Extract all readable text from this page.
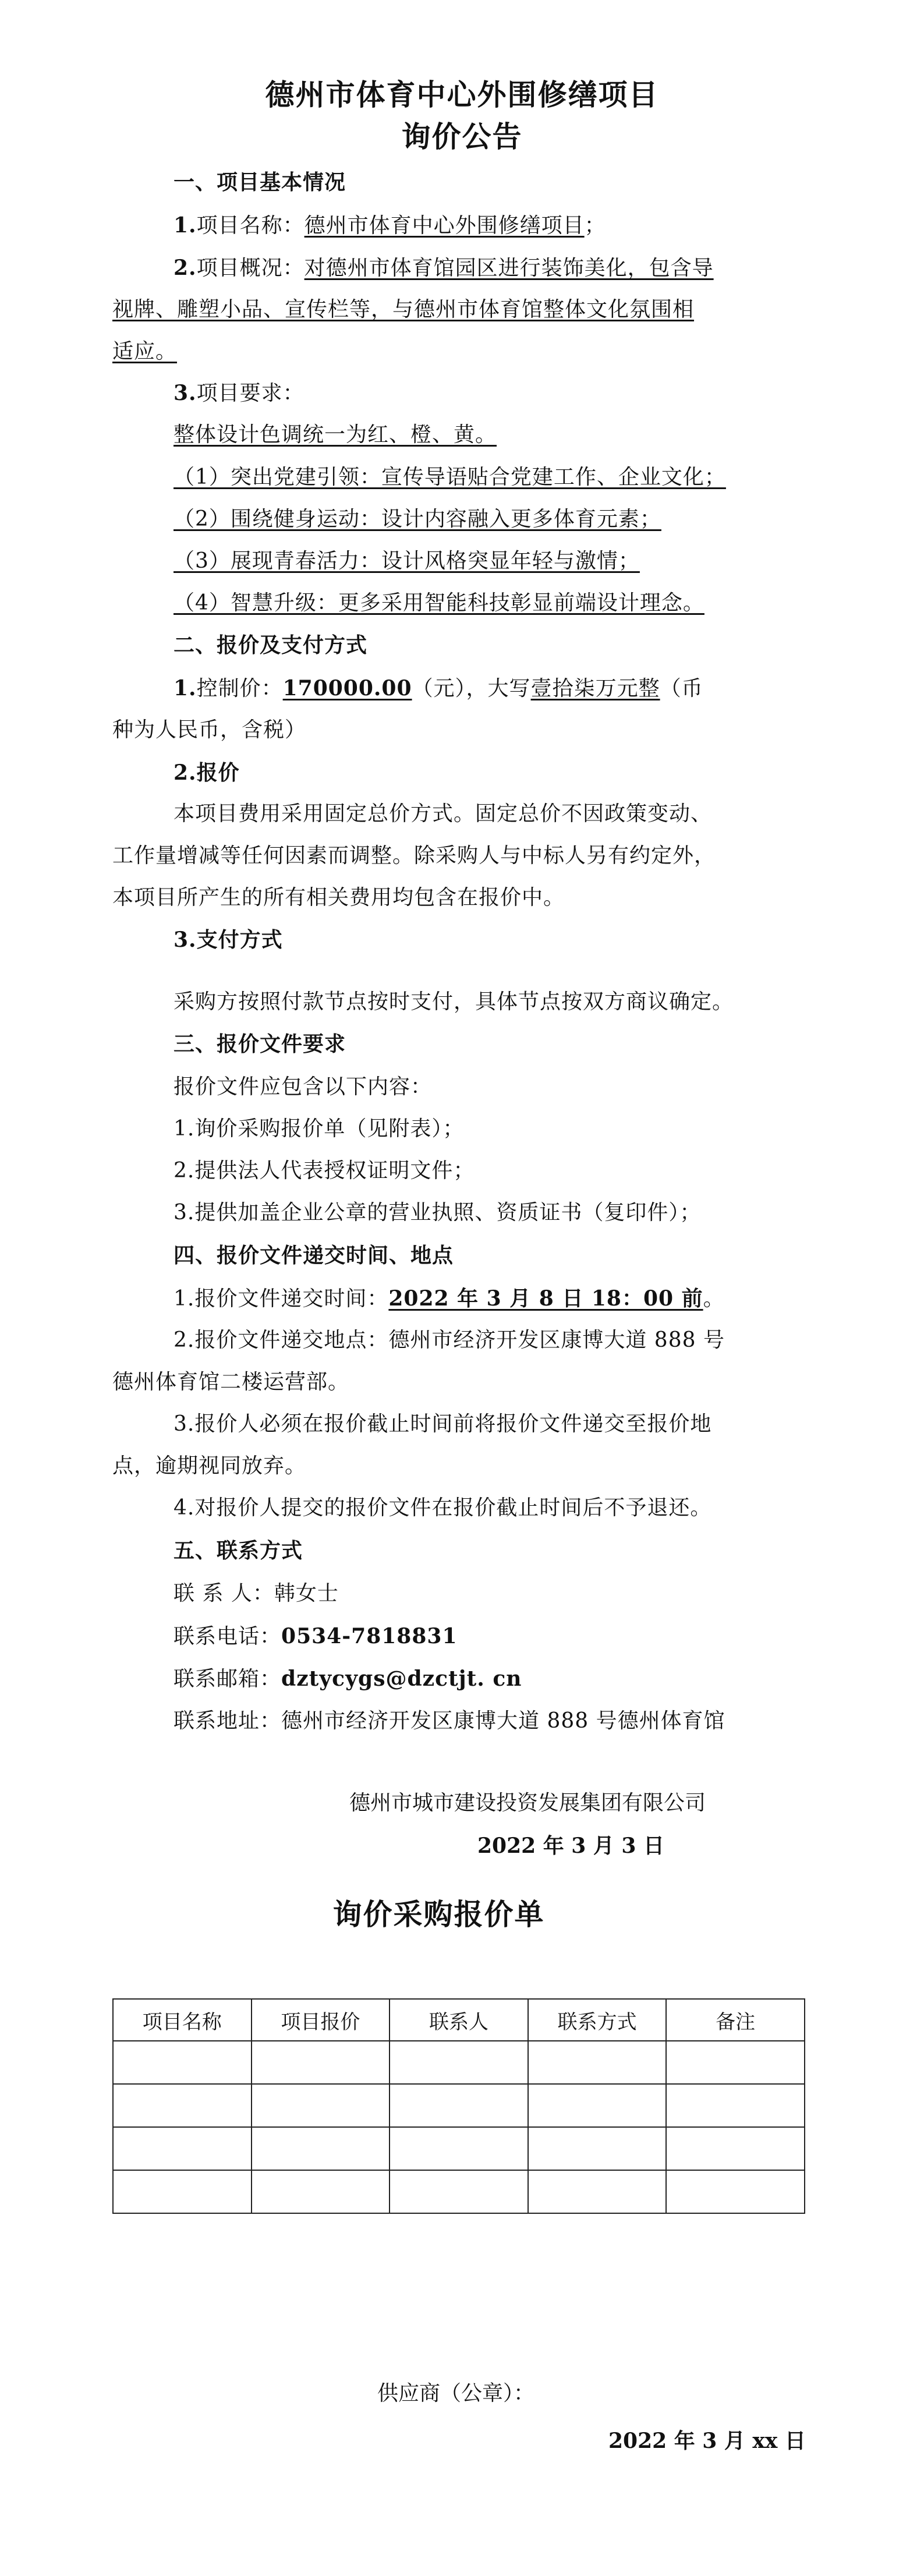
德州市体育中心外围修缮项目
询价公告
一、项目基本情况
1.项目名称：德州市体育中心外围修缮项目；
2.项目概况：对德州市体育馆园区进行装饰美化，包含导
视牌、雕塑小品、宣传栏等，与德州市体育馆整体文化氛围相
适应。
3.项目要求：
整体设计色调统一为红、橙、黄。
（1）突出党建引领：宣传导语贴合党建工作、企业文化；
（2）围绕健身运动：设计内容融入更多体育元素；
（3）展现青春活力：设计风格突显年轻与激情；
（4）智慧升级：更多采用智能科技彰显前端设计理念。
二、报价及支付方式
1.控制价：170000.00（元），大写壹拾柒万元整（币
种为人民币，含税）
2.报价
本项目费用采用固定总价方式。固定总价不因政策变动、
工作量增减等任何因素而调整。除采购人与中标人另有约定外，
本项目所产生的所有相关费用均包含在报价中。
3.支付方式
采购方按照付款节点按时支付，具体节点按双方商议确定。
三、报价文件要求
报价文件应包含以下内容：
1.询价采购报价单（见附表）；
2.提供法人代表授权证明文件；
3.提供加盖企业公章的营业执照、资质证书（复印件）；
四、报价文件递交时间、地点
1.报价文件递交时间：2022 年 3 月 8 日 18：00 前。
2.报价文件递交地点：德州市经济开发区康博大道 888 号
德州体育馆二楼运营部。
3.报价人必须在报价截止时间前将报价文件递交至报价地
点，逾期视同放弃。
4.对报价人提交的报价文件在报价截止时间后不予退还。
五、联系方式
联 系 人：韩女士
联系电话：0534-7818831
联系邮箱：dztycygs@dzctjt. cn
联系地址：德州市经济开发区康博大道 888 号德州体育馆
德州市城市建设投资发展集团有限公司
2022 年 3 月 3 日
询价采购报价单
项目名称	项目报价	联系人	联系方式	备注

供应商（公章）：
2022 年 3 月 xx 日
